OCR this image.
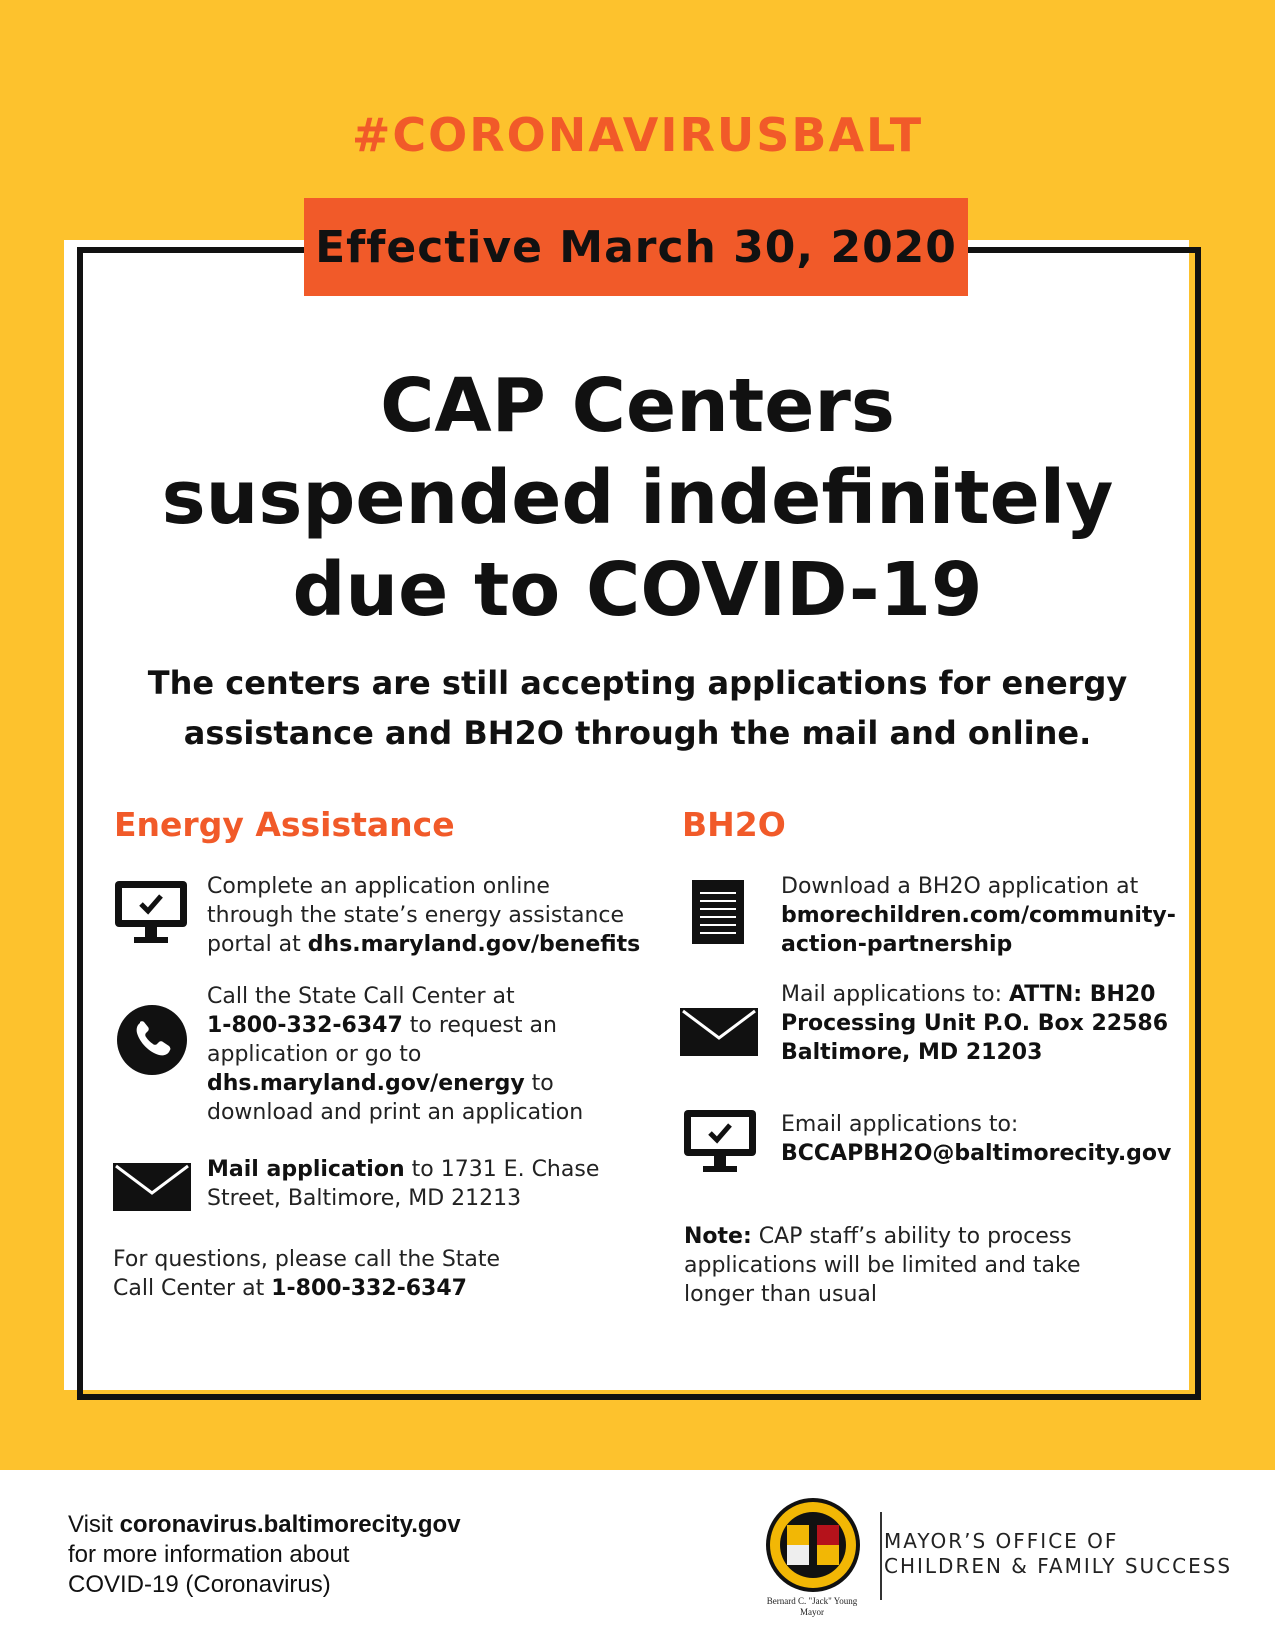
#CORONAVIRUSBALT
Effective March 30, 2020
CAP Centers
suspended indefinitely
due to COVID-19
The centers are still accepting applications for energy
assistance and BH2O through the mail and online.
Energy Assistance
Complete an application online
through the state’s energy assistance
portal at dhs.maryland.gov/benefits
Call the State Call Center at
1-800-332-6347 to request an
application or go to
dhs.maryland.gov/energy to
download and print an application
Mail application to 1731 E. Chase
Street, Baltimore, MD 21213
For questions, please call the State
Call Center at 1-800-332-6347
BH2O
Download a BH2O application at
bmorechildren.com/community-
action-partnership
Mail applications to: ATTN: BH20
Processing Unit P.O. Box 22586
Baltimore, MD 21203
Email applications to:
BCCAPBH2O@baltimorecity.gov
Note: CAP staff’s ability to process
applications will be limited and take
longer than usual
Visit coronavirus.baltimorecity.gov
for more information about
COVID-19 (Coronavirus)
Bernard C. "Jack" Young
Mayor
MAYOR’S OFFICE OF
CHILDREN & FAMILY SUCCESS
